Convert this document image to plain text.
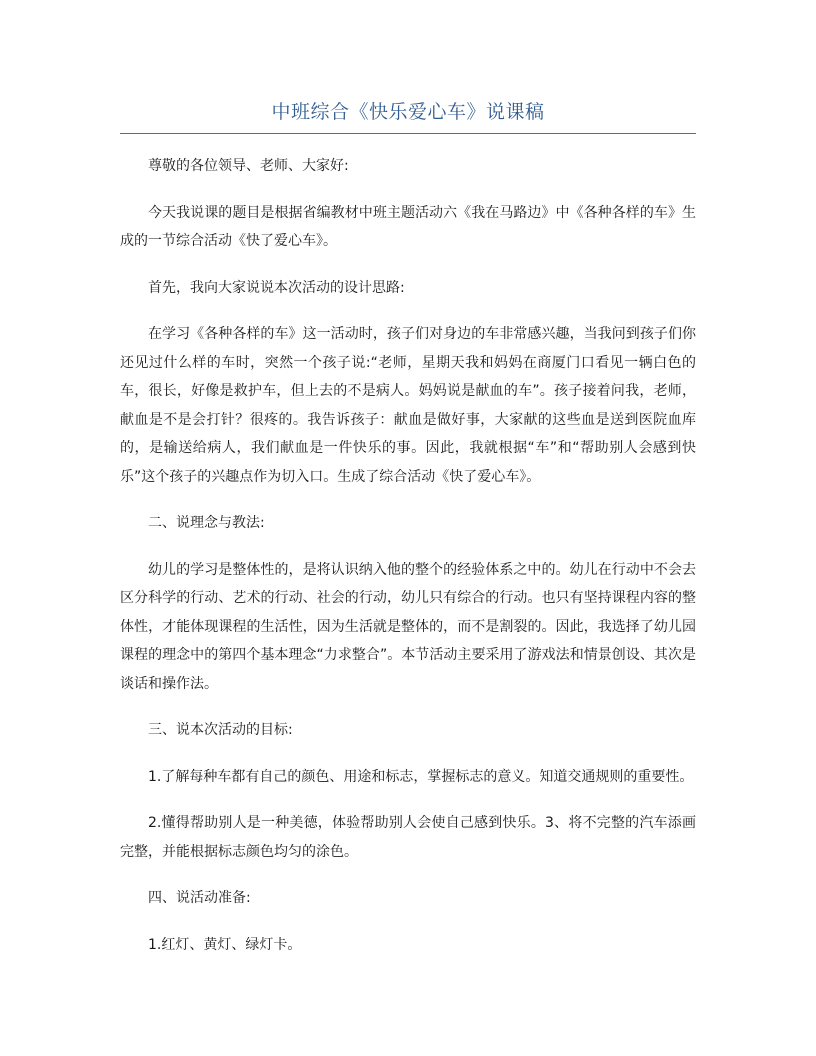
中班综合《快乐爱心车》说课稿

尊敬的各位领导、老师、大家好:

今天我说课的题目是根据省编教材中班主题活动六《我在马路边》中《各种各样的车》生成的一节综合活动《快了爱心车》。

首先，我向大家说说本次活动的设计思路:

在学习《各种各样的车》这一活动时，孩子们对身边的车非常感兴趣，当我问到孩子们你还见过什么样的车时，突然一个孩子说:“老师，星期天我和妈妈在商厦门口看见一辆白色的车，很长，好像是救护车，但上去的不是病人。妈妈说是献血的车”。孩子接着问我，老师，献血是不是会打针？很疼的。我告诉孩子：献血是做好事，大家献的这些血是送到医院血库的，是输送给病人，我们献血是一件快乐的事。因此，我就根据“车”和“帮助别人会感到快乐”这个孩子的兴趣点作为切入口。生成了综合活动《快了爱心车》。

二、说理念与教法:

幼儿的学习是整体性的，是将认识纳入他的整个的经验体系之中的。幼儿在行动中不会去区分科学的行动、艺术的行动、社会的行动，幼儿只有综合的行动。也只有坚持课程内容的整体性，才能体现课程的生活性，因为生活就是整体的，而不是割裂的。因此，我选择了幼儿园课程的理念中的第四个基本理念“力求整合”。本节活动主要采用了游戏法和情景创设、其次是谈话和操作法。

三、说本次活动的目标:

1.了解每种车都有自己的颜色、用途和标志，掌握标志的意义。知道交通规则的重要性。

2.懂得帮助别人是一种美德，体验帮助别人会使自己感到快乐。3、将不完整的汽车添画完整，并能根据标志颜色均匀的涂色。

四、说活动准备:

1.红灯、黄灯、绿灯卡。
